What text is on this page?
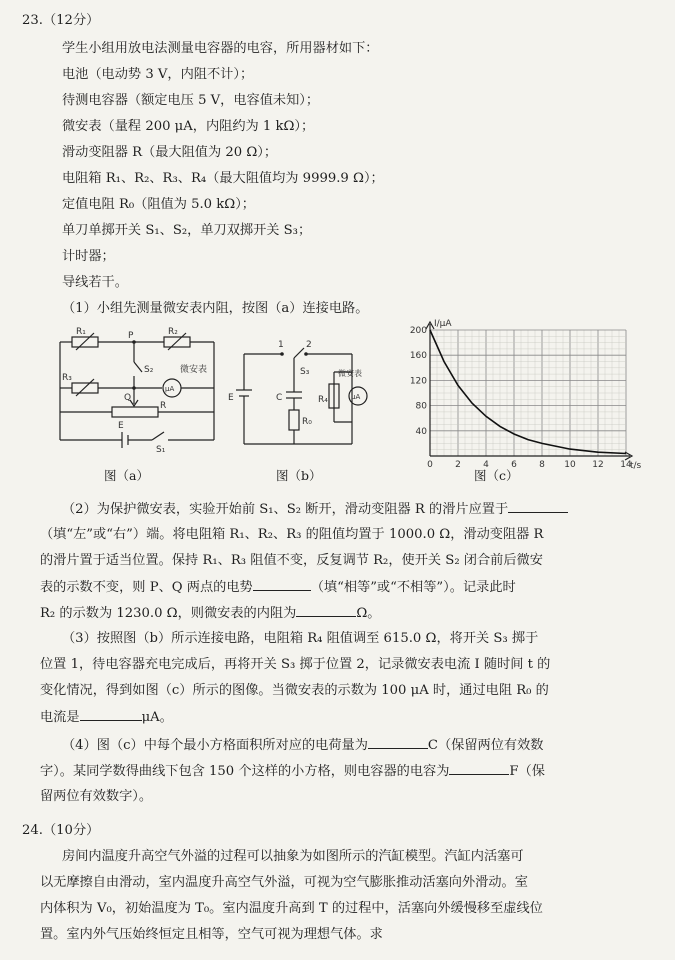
23.（12分）
学生小组用放电法测量电容器的电容，所用器材如下：
电池（电动势 3 V，内阻不计）；
待测电容器（额定电压 5 V，电容值未知）；
微安表（量程 200 μA，内阻约为 1 kΩ）；
滑动变阻器 R（最大阻值为 20 Ω）；
电阻箱 R₁、R₂、R₃、R₄（最大阻值均为 9999.9 Ω）；
定值电阻 R₀（阻值为 5.0 kΩ）；
单刀单掷开关 S₁、S₂，单刀双掷开关 S₃；
计时器；
导线若干。
（1）小组先测量微安表内阻，按图（a）连接电路。
R₁	R₂
R₃
P
Q
S₂
μA
微安表
R
E
S₁
图（a）
1 2
S₃
E	C	R₄
R₀
μA
微安表
图（b）
200
160
120
80
40
0 2 4 6 8 10 12 14
I/μA
t/s
图（c）
（2）为保护微安表，实验开始前 S₁、S₂ 断开，滑动变阻器 R 的滑片应置于
（填“左”或“右”）端。将电阻箱 R₁、R₂、R₃ 的阻值均置于 1000.0 Ω，滑动变阻器 R
的滑片置于适当位置。保持 R₁、R₃ 阻值不变，反复调节 R₂，使开关 S₂ 闭合前后微安
表的示数不变，则 P、Q 两点的电势	（填“相等”或“不相等”）。记录此时
R₂ 的示数为 1230.0 Ω，则微安表的内阻为	Ω。
（3）按照图（b）所示连接电路，电阻箱 R₄ 阻值调至 615.0 Ω，将开关 S₃ 掷于
位置 1，待电容器充电完成后，再将开关 S₃ 掷于位置 2，记录微安表电流 I 随时间 t 的
变化情况，得到如图（c）所示的图像。当微安表的示数为 100 μA 时，通过电阻 R₀ 的
电流是	μA。
（4）图（c）中每个最小方格面积所对应的电荷量为	C（保留两位有效数
字）。某同学数得曲线下包含 150 个这样的小方格，则电容器的电容为	F（保
留两位有效数字）。
24.（10分）
房间内温度升高空气外溢的过程可以抽象为如图所示的汽缸模型。汽缸内活塞可
以无摩擦自由滑动，室内温度升高空气外溢，可视为空气膨胀推动活塞向外滑动。室
内体积为 V₀，初始温度为 T₀。室内温度升高到 T 的过程中，活塞向外缓慢移至虚线位
置。室内外气压始终恒定且相等，空气可视为理想气体。求
